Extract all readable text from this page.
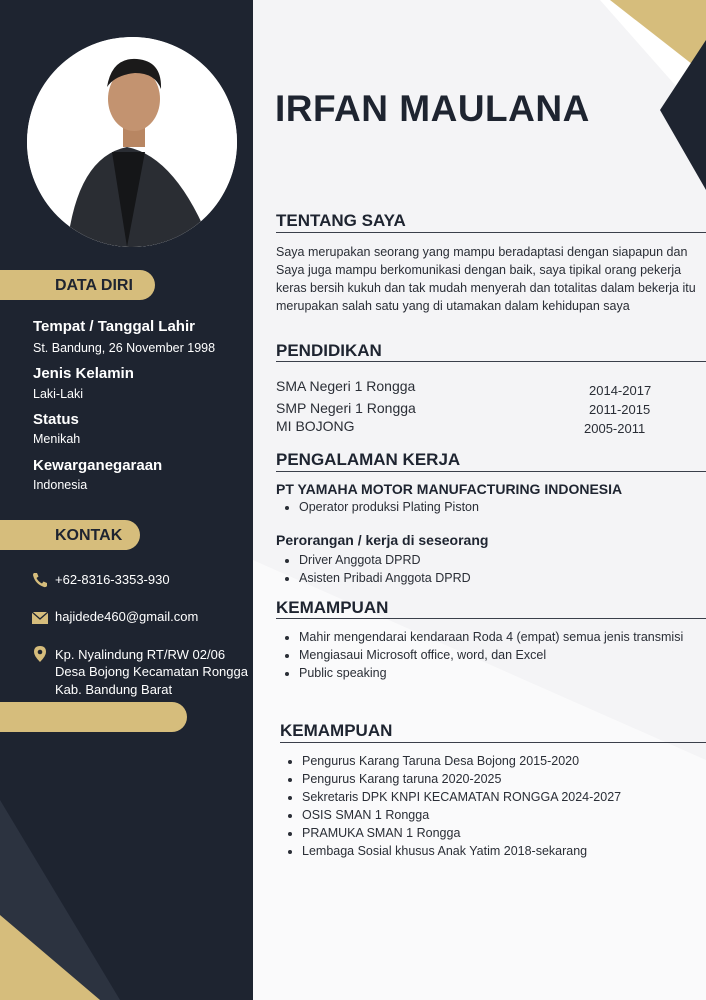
DATA DIRI
Tempat / Tanggal Lahir
St. Bandung, 26 November 1998
Jenis Kelamin
Laki-Laki
Status
Menikah
Kewarganegaraan
Indonesia
KONTAK
+62-8316-3353-930
hajidede460@gmail.com
Kp. Nyalindung RT/RW 02/06
Desa Bojong Kecamatan Rongga
Kab. Bandung Barat
IRFAN MAULANA
TENTANG SAYA
Saya merupakan seorang yang mampu beradaptasi dengan siapapun dan Saya juga mampu berkomunikasi dengan baik, saya tipikal orang pekerja keras bersih kukuh dan tak mudah menyerah dan totalitas dalam bekerja itu merupakan salah satu yang di utamakan dalam kehidupan saya
PENDIDIKAN
SMA Negeri 1 Rongga	2014-2017
SMP Negeri 1 Rongga	2011-2015
MI BOJONG	2005-2011
PENGALAMAN KERJA
PT YAMAHA MOTOR MANUFACTURING INDONESIA
• Operator produksi Plating Piston
Perorangan / kerja di seseorang
• Driver Anggota DPRD
• Asisten Pribadi Anggota DPRD
KEMAMPUAN
• Mahir mengendarai kendaraan Roda 4 (empat) semua jenis transmisi
• Mengiasaui Microsoft office, word, dan Excel
• Public speaking
KEMAMPUAN
• Pengurus Karang Taruna Desa Bojong 2015-2020
• Pengurus Karang taruna 2020-2025
• Sekretaris DPK KNPI KECAMATAN RONGGA 2024-2027
• OSIS SMAN 1 Rongga
• PRAMUKA SMAN 1 Rongga
• Lembaga Sosial khusus Anak Yatim 2018-sekarang
